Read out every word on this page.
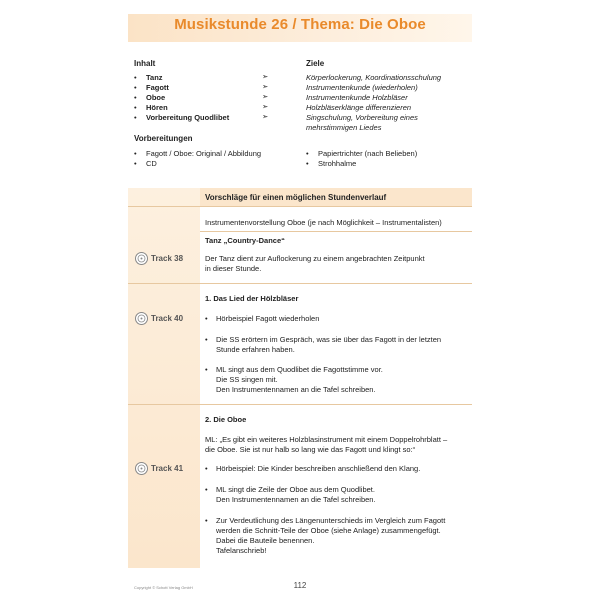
Musikstunde 26 / Thema: Die Oboe
Inhalt	Ziele
• Tanz
• Fagott
• Oboe
• Hören
• Vorbereitung Quodlibet
➣
➣
➣
➣
➣
Körperlockerung, Koordinationsschulung
Instrumentenkunde (wiederholen)
Instrumentenkunde Holzbläser
Holzbläserklänge differenzieren
Singschulung, Vorbereitung eines
mehrstimmigen Liedes
Vorbereitungen
• Fagott / Oboe: Original / Abbildung
• CD
• Papiertrichter (nach Belieben)
• Strohhalme
Vorschläge für einen möglichen Stundenverlauf
Instrumentenvorstellung Oboe (je nach Möglichkeit – Instrumentalisten)
Tanz „Country-Dance“
Der Tanz dient zur Auflockerung zu einem angebrachten Zeitpunkt
in dieser Stunde.
1. Das Lied der Hölzbläser
• Hörbeispiel Fagott wiederholen
• Die SS erörtern im Gespräch, was sie über das Fagott in der letzten
Stunde erfahren haben.
• ML singt aus dem Quodlibet die Fagottstimme vor.
Die SS singen mit.
Den Instrumentennamen an die Tafel schreiben.
2. Die Oboe
ML: „Es gibt ein weiteres Holzblasinstrument mit einem Doppelrohrblatt –
die Oboe. Sie ist nur halb so lang wie das Fagott und klingt so:“
• Hörbeispiel: Die Kinder beschreiben anschließend den Klang.
• ML singt die Zeile der Oboe aus dem Quodlibet.
Den Instrumentennamen an die Tafel schreiben.
• Zur Verdeutlichung des Längenunterschieds im Vergleich zum Fagott
werden die Schnitt-Teile der Oboe (siehe Anlage) zusammengefügt.
Dabei die Bauteile benennen.
Tafelanschrieb!
Track 38
Track 40
Track 41
Copyright © Schott Verlag GmbH	112
